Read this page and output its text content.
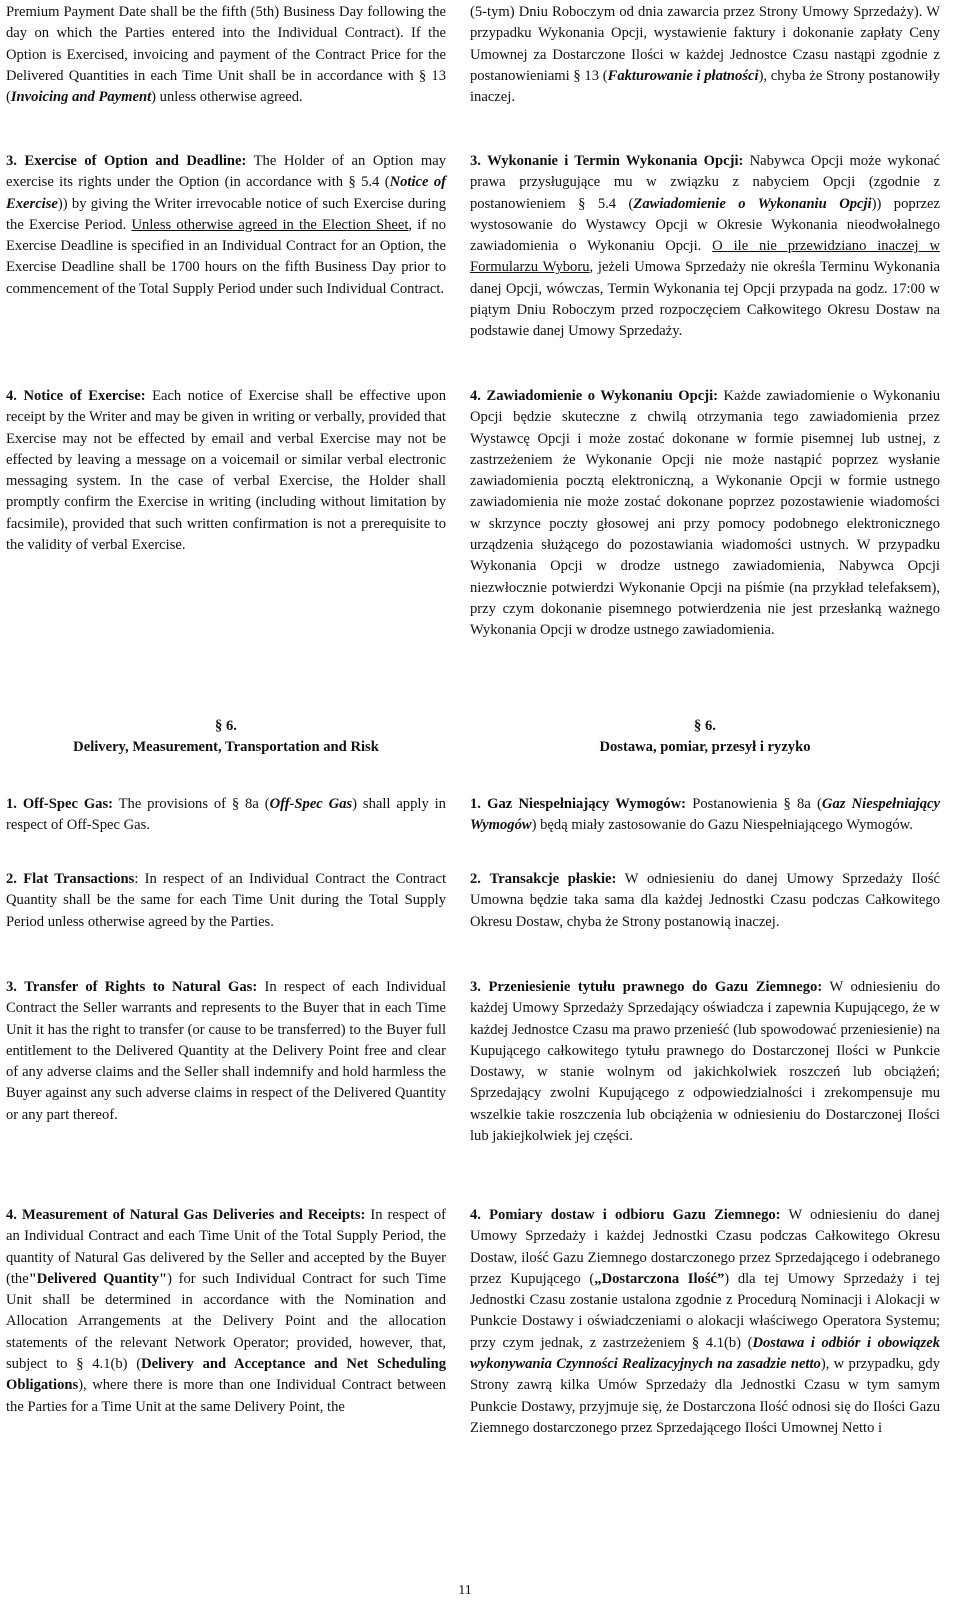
Premium Payment Date shall be the fifth (5th) Business Day following the day on which the Parties entered into the Individual Contract). If the Option is Exercised, invoicing and payment of the Contract Price for the Delivered Quantities in each Time Unit shall be in accordance with § 13 (Invoicing and Payment) unless otherwise agreed.

3. Exercise of Option and Deadline: The Holder of an Option may exercise its rights under the Option (in accordance with § 5.4 (Notice of Exercise)) by giving the Writer irrevocable notice of such Exercise during the Exercise Period. Unless otherwise agreed in the Election Sheet, if no Exercise Deadline is specified in an Individual Contract for an Option, the Exercise Deadline shall be 1700 hours on the fifth Business Day prior to commencement of the Total Supply Period under such Individual Contract.

4. Notice of Exercise: Each notice of Exercise shall be effective upon receipt by the Writer and may be given in writing or verbally, provided that Exercise may not be effected by email and verbal Exercise may not be effected by leaving a message on a voicemail or similar verbal electronic messaging system. In the case of verbal Exercise, the Holder shall promptly confirm the Exercise in writing (including without limitation by facsimile), provided that such written confirmation is not a prerequisite to the validity of verbal Exercise.

§ 6.
Delivery, Measurement, Transportation and Risk

1. Off-Spec Gas: The provisions of § 8a (Off-Spec Gas) shall apply in respect of Off-Spec Gas.

2. Flat Transactions: In respect of an Individual Contract the Contract Quantity shall be the same for each Time Unit during the Total Supply Period unless otherwise agreed by the Parties.

3. Transfer of Rights to Natural Gas: In respect of each Individual Contract the Seller warrants and represents to the Buyer that in each Time Unit it has the right to transfer (or cause to be transferred) to the Buyer full entitlement to the Delivered Quantity at the Delivery Point free and clear of any adverse claims and the Seller shall indemnify and hold harmless the Buyer against any such adverse claims in respect of the Delivered Quantity or any part thereof.

4. Measurement of Natural Gas Deliveries and Receipts: In respect of an Individual Contract and each Time Unit of the Total Supply Period, the quantity of Natural Gas delivered by the Seller and accepted by the Buyer (the"Delivered Quantity") for such Individual Contract for such Time Unit shall be determined in accordance with the Nomination and Allocation Arrangements at the Delivery Point and the allocation statements of the relevant Network Operator; provided, however, that, subject to § 4.1(b) (Delivery and Acceptance and Net Scheduling Obligations), where there is more than one Individual Contract between the Parties for a Time Unit at the same Delivery Point, the

(5-tym) Dniu Roboczym od dnia zawarcia przez Strony Umowy Sprzedaży). W przypadku Wykonania Opcji, wystawienie faktury i dokonanie zapłaty Ceny Umownej za Dostarczone Ilości w każdej Jednostce Czasu nastąpi zgodnie z postanowieniami § 13 (Fakturowanie i płatności), chyba że Strony postanowiły inaczej.

3. Wykonanie i Termin Wykonania Opcji: Nabywca Opcji może wykonać prawa przysługujące mu w związku z nabyciem Opcji (zgodnie z postanowieniem § 5.4 (Zawiadomienie o Wykonaniu Opcji)) poprzez wystosowanie do Wystawcy Opcji w Okresie Wykonania nieodwołalnego zawiadomienia o Wykonaniu Opcji. O ile nie przewidziano inaczej w Formularzu Wyboru, jeżeli Umowa Sprzedaży nie określa Terminu Wykonania danej Opcji, wówczas, Termin Wykonania tej Opcji przypada na godz. 17:00 w piątym Dniu Roboczym przed rozpoczęciem Całkowitego Okresu Dostaw na podstawie danej Umowy Sprzedaży.

4. Zawiadomienie o Wykonaniu Opcji: Każde zawiadomienie o Wykonaniu Opcji będzie skuteczne z chwilą otrzymania tego zawiadomienia przez Wystawcę Opcji i może zostać dokonane w formie pisemnej lub ustnej, z zastrzeżeniem że Wykonanie Opcji nie może nastąpić poprzez wysłanie zawiadomienia pocztą elektroniczną, a Wykonanie Opcji w formie ustnego zawiadomienia nie może zostać dokonane poprzez pozostawienie wiadomości w skrzynce poczty głosowej ani przy pomocy podobnego elektronicznego urządzenia służącego do pozostawiania wiadomości ustnych. W przypadku Wykonania Opcji w drodze ustnego zawiadomienia, Nabywca Opcji niezwłocznie potwierdzi Wykonanie Opcji na piśmie (na przykład telefaksem), przy czym dokonanie pisemnego potwierdzenia nie jest przesłanką ważnego Wykonania Opcji w drodze ustnego zawiadomienia.

§ 6.
Dostawa, pomiar, przesył i ryzyko

1. Gaz Niespełniający Wymogów: Postanowienia § 8a (Gaz Niespełniający Wymogów) będą miały zastosowanie do Gazu Niespełniającego Wymogów.

2. Transakcje płaskie: W odniesieniu do danej Umowy Sprzedaży Ilość Umowna będzie taka sama dla każdej Jednostki Czasu podczas Całkowitego Okresu Dostaw, chyba że Strony postanowią inaczej.

3. Przeniesienie tytułu prawnego do Gazu Ziemnego: W odniesieniu do każdej Umowy Sprzedaży Sprzedający oświadcza i zapewnia Kupującego, że w każdej Jednostce Czasu ma prawo przenieść (lub spowodować przeniesienie) na Kupującego całkowitego tytułu prawnego do Dostarczonej Ilości w Punkcie Dostawy, w stanie wolnym od jakichkolwiek roszczeń lub obciążeń; Sprzedający zwolni Kupującego z odpowiedzialności i zrekompensuje mu wszelkie takie roszczenia lub obciążenia w odniesieniu do Dostarczonej Ilości lub jakiejkolwiek jej części.

4. Pomiary dostaw i odbioru Gazu Ziemnego: W odniesieniu do danej Umowy Sprzedaży i każdej Jednostki Czasu podczas Całkowitego Okresu Dostaw, ilość Gazu Ziemnego dostarczonego przez Sprzedającego i odebranego przez Kupującego („Dostarczona Ilość”) dla tej Umowy Sprzedaży i tej Jednostki Czasu zostanie ustalona zgodnie z Procedurą Nominacji i Alokacji w Punkcie Dostawy i oświadczeniami o alokacji właściwego Operatora Systemu; przy czym jednak, z zastrzeżeniem § 4.1(b) (Dostawa i odbiór i obowiązek wykonywania Czynności Realizacyjnych na zasadzie netto), w przypadku, gdy Strony zawrą kilka Umów Sprzedaży dla Jednostki Czasu w tym samym Punkcie Dostawy, przyjmuje się, że Dostarczona Ilość odnosi się do Ilości Gazu Ziemnego dostarczonego przez Sprzedającego Ilości Umownej Netto i

11
